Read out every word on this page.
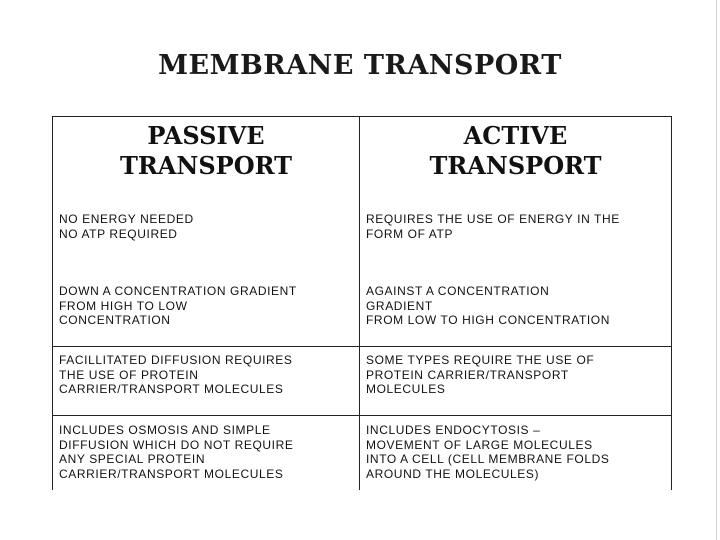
MEMBRANE TRANSPORT
PASSIVE
TRANSPORT
ACTIVE
TRANSPORT
NO ENERGY NEEDED
NO ATP REQUIRED
REQUIRES THE USE OF ENERGY IN THE
FORM OF ATP
DOWN A CONCENTRATION GRADIENT
FROM HIGH TO LOW
CONCENTRATION
AGAINST A CONCENTRATION
GRADIENT
FROM LOW TO HIGH CONCENTRATION
FACILLITATED DIFFUSION REQUIRES
THE USE OF PROTEIN
CARRIER/TRANSPORT MOLECULES
SOME TYPES REQUIRE THE USE OF
PROTEIN CARRIER/TRANSPORT
MOLECULES
INCLUDES OSMOSIS AND SIMPLE
DIFFUSION WHICH DO NOT REQUIRE
ANY SPECIAL PROTEIN
CARRIER/TRANSPORT MOLECULES
INCLUDES ENDOCYTOSIS –
MOVEMENT OF LARGE MOLECULES
INTO A CELL (CELL MEMBRANE FOLDS
AROUND THE MOLECULES)
